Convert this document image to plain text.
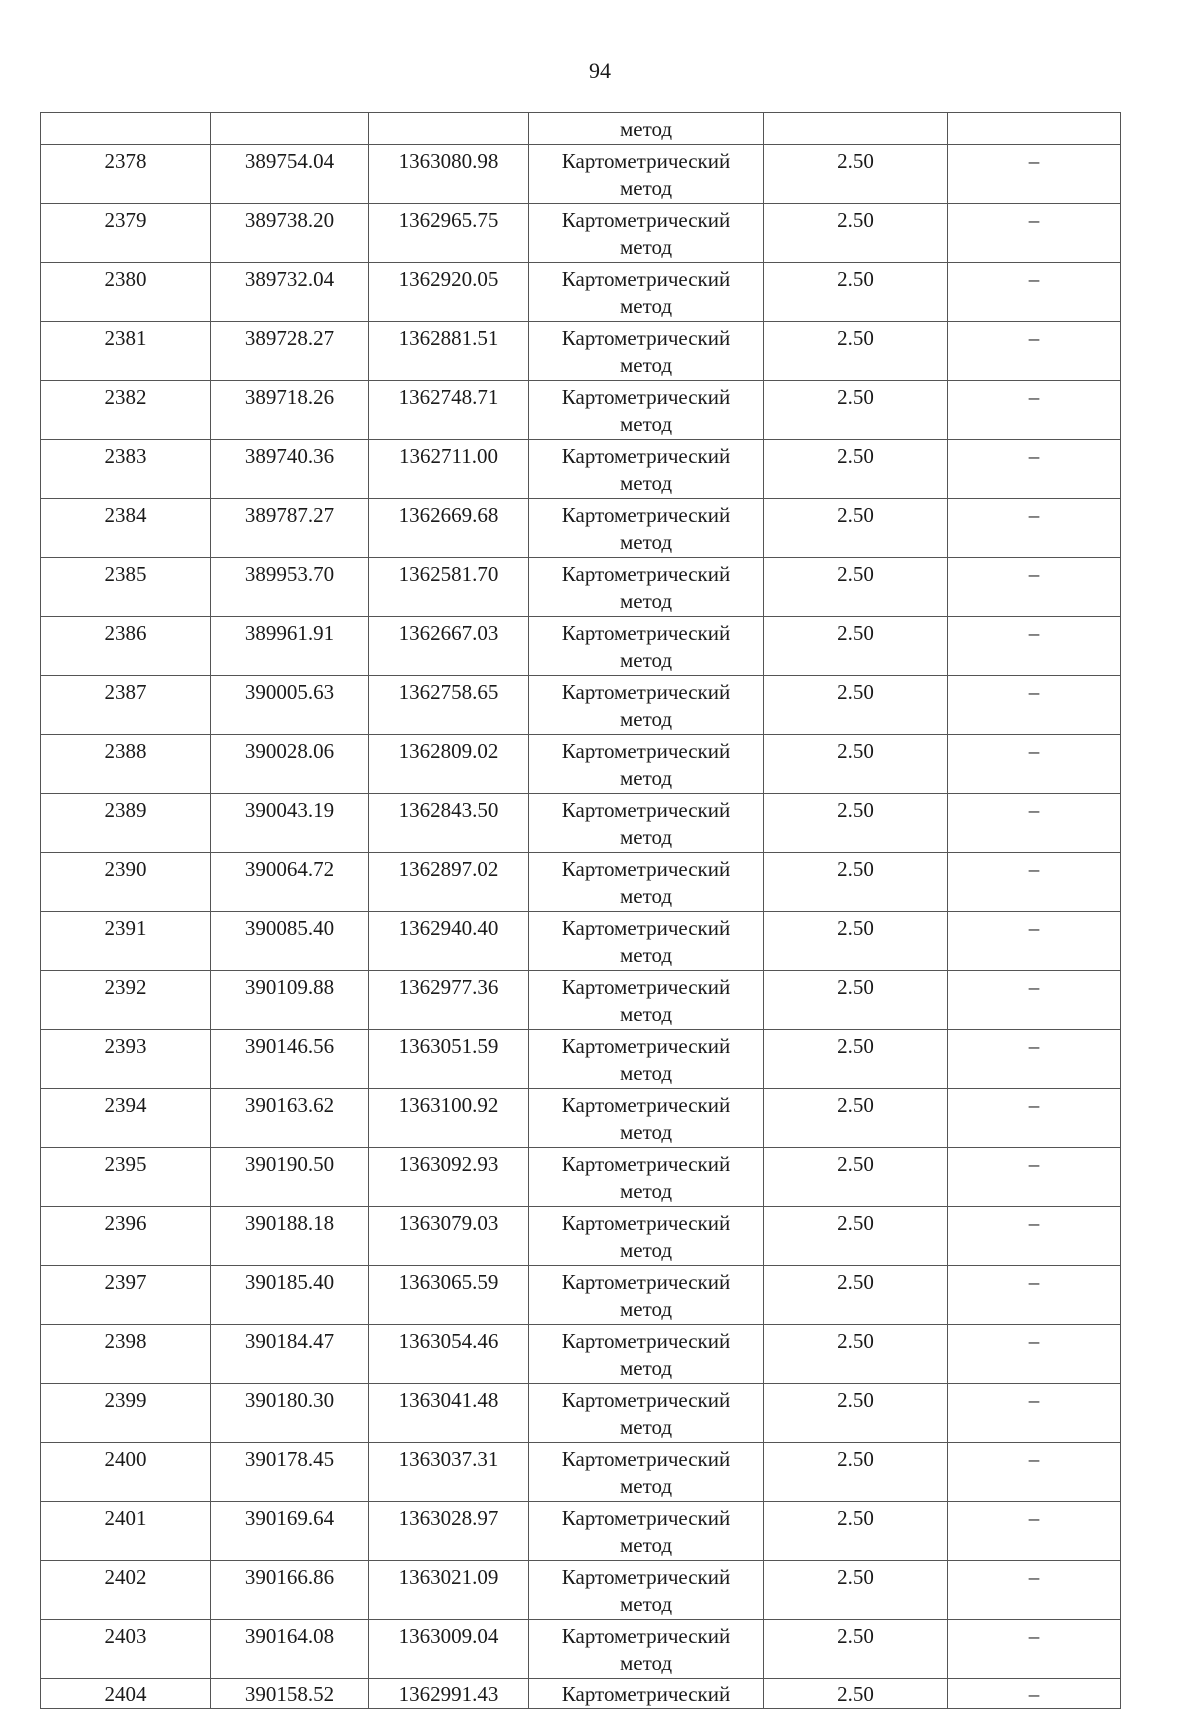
94

			метод		

2378	389754.04	1363080.98	Картометрический
метод	2.50	–
2379	389738.20	1362965.75	Картометрический
метод	2.50	–
2380	389732.04	1362920.05	Картометрический
метод	2.50	–
2381	389728.27	1362881.51	Картометрический
метод	2.50	–
2382	389718.26	1362748.71	Картометрический
метод	2.50	–
2383	389740.36	1362711.00	Картометрический
метод	2.50	–
2384	389787.27	1362669.68	Картометрический
метод	2.50	–
2385	389953.70	1362581.70	Картометрический
метод	2.50	–
2386	389961.91	1362667.03	Картометрический
метод	2.50	–
2387	390005.63	1362758.65	Картометрический
метод	2.50	–
2388	390028.06	1362809.02	Картометрический
метод	2.50	–
2389	390043.19	1362843.50	Картометрический
метод	2.50	–
2390	390064.72	1362897.02	Картометрический
метод	2.50	–
2391	390085.40	1362940.40	Картометрический
метод	2.50	–
2392	390109.88	1362977.36	Картометрический
метод	2.50	–
2393	390146.56	1363051.59	Картометрический
метод	2.50	–
2394	390163.62	1363100.92	Картометрический
метод	2.50	–
2395	390190.50	1363092.93	Картометрический
метод	2.50	–
2396	390188.18	1363079.03	Картометрический
метод	2.50	–
2397	390185.40	1363065.59	Картометрический
метод	2.50	–
2398	390184.47	1363054.46	Картометрический
метод	2.50	–
2399	390180.30	1363041.48	Картометрический
метод	2.50	–
2400	390178.45	1363037.31	Картометрический
метод	2.50	–
2401	390169.64	1363028.97	Картометрический
метод	2.50	–
2402	390166.86	1363021.09	Картометрический
метод	2.50	–
2403	390164.08	1363009.04	Картометрический
метод	2.50	–
2404	390158.52	1362991.43	Картометрический	2.50	–
